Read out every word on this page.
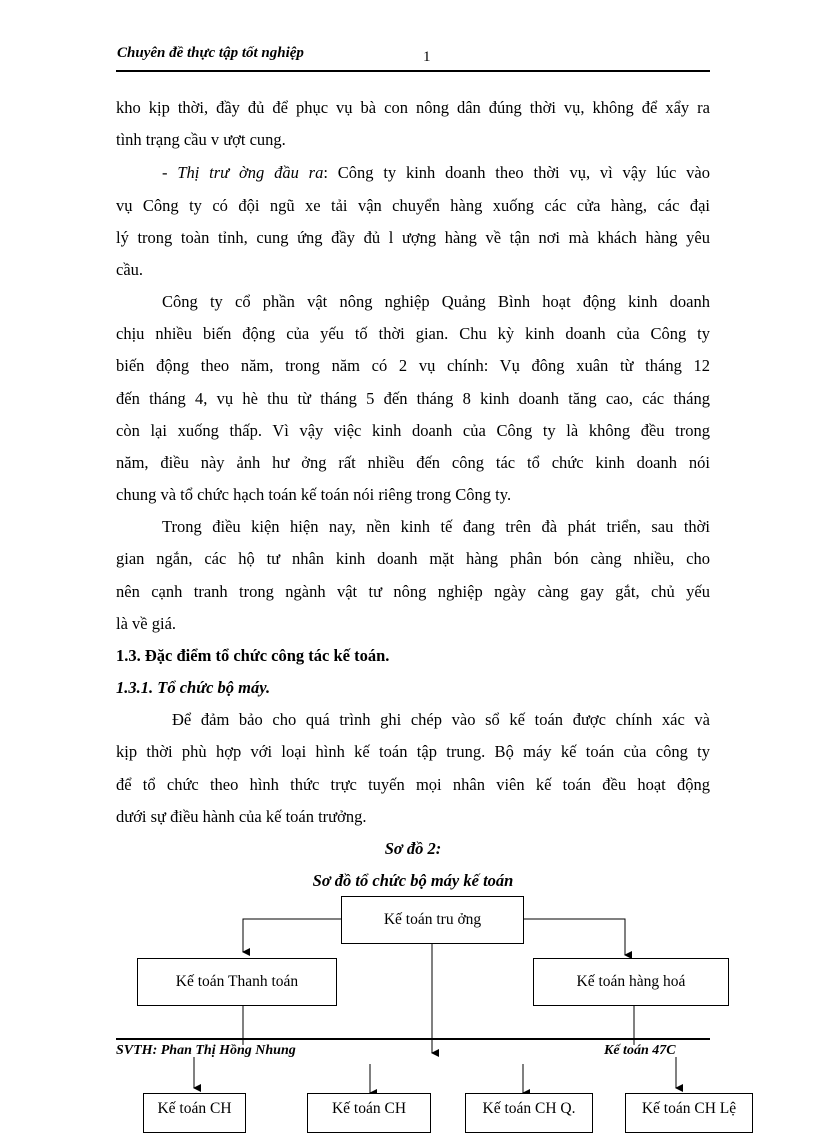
Chuyên đề thực tập tốt nghiệp	1
kho kịp thời, đầy đủ để phục vụ bà con nông dân đúng thời vụ, không để xẩy ra
tình trạng cầu v ượt cung.
- Thị trư ờng đầu ra: Công ty kinh doanh theo thời vụ, vì vậy lúc vào
vụ Công ty có đội ngũ xe tải vận chuyển hàng xuống các cửa hàng, các đại
lý trong toàn tỉnh, cung ứng đầy đủ l ượng hàng về tận nơi mà khách hàng yêu
cầu.
Công ty cổ phần vật nông nghiệp Quảng Bình hoạt động kinh doanh
chịu nhiều biến động của yếu tố thời gian. Chu kỳ kinh doanh của Công ty
biến động theo năm, trong năm có 2 vụ chính: Vụ đông xuân từ tháng 12
đến tháng 4, vụ hè thu từ tháng 5 đến tháng 8 kinh doanh tăng cao, các tháng
còn lại xuống thấp. Vì vậy việc kinh doanh của Công ty là không đều trong
năm, điều này ảnh hư ởng rất nhiều đến công tác tổ chức kinh doanh nói
chung và tổ chức hạch toán kế toán nói riêng trong Công ty.
Trong điều kiện hiện nay, nền kinh tế đang trên đà phát triển, sau thời
gian ngắn, các hộ tư nhân kinh doanh mặt hàng phân bón càng nhiều, cho
nên cạnh tranh trong ngành vật tư nông nghiệp ngày càng gay gắt, chủ yếu
là về giá.
1.3. Đặc điểm tổ chức công tác kế toán.
1.3.1. Tổ chức bộ máy.
Để đảm bảo cho quá trình ghi chép vào sổ kế toán được chính xác và
kịp thời phù hợp với loại hình kế toán tập trung. Bộ máy kế toán của công ty
để tổ chức theo hình thức trực tuyến mọi nhân viên kế toán đều hoạt động
dưới sự điều hành của kế toán trưởng.
Sơ đồ 2:
Sơ đồ tổ chức bộ máy kế toán
Kế toán tru ởng
Kế toán Thanh toán	Kế toán hàng hoá
SVTH: Phan Thị Hồng Nhung	Kế toán 47C
Kế toán CH	Kế toán CH	Kế toán CH Q.	Kế toán CH Lệ
